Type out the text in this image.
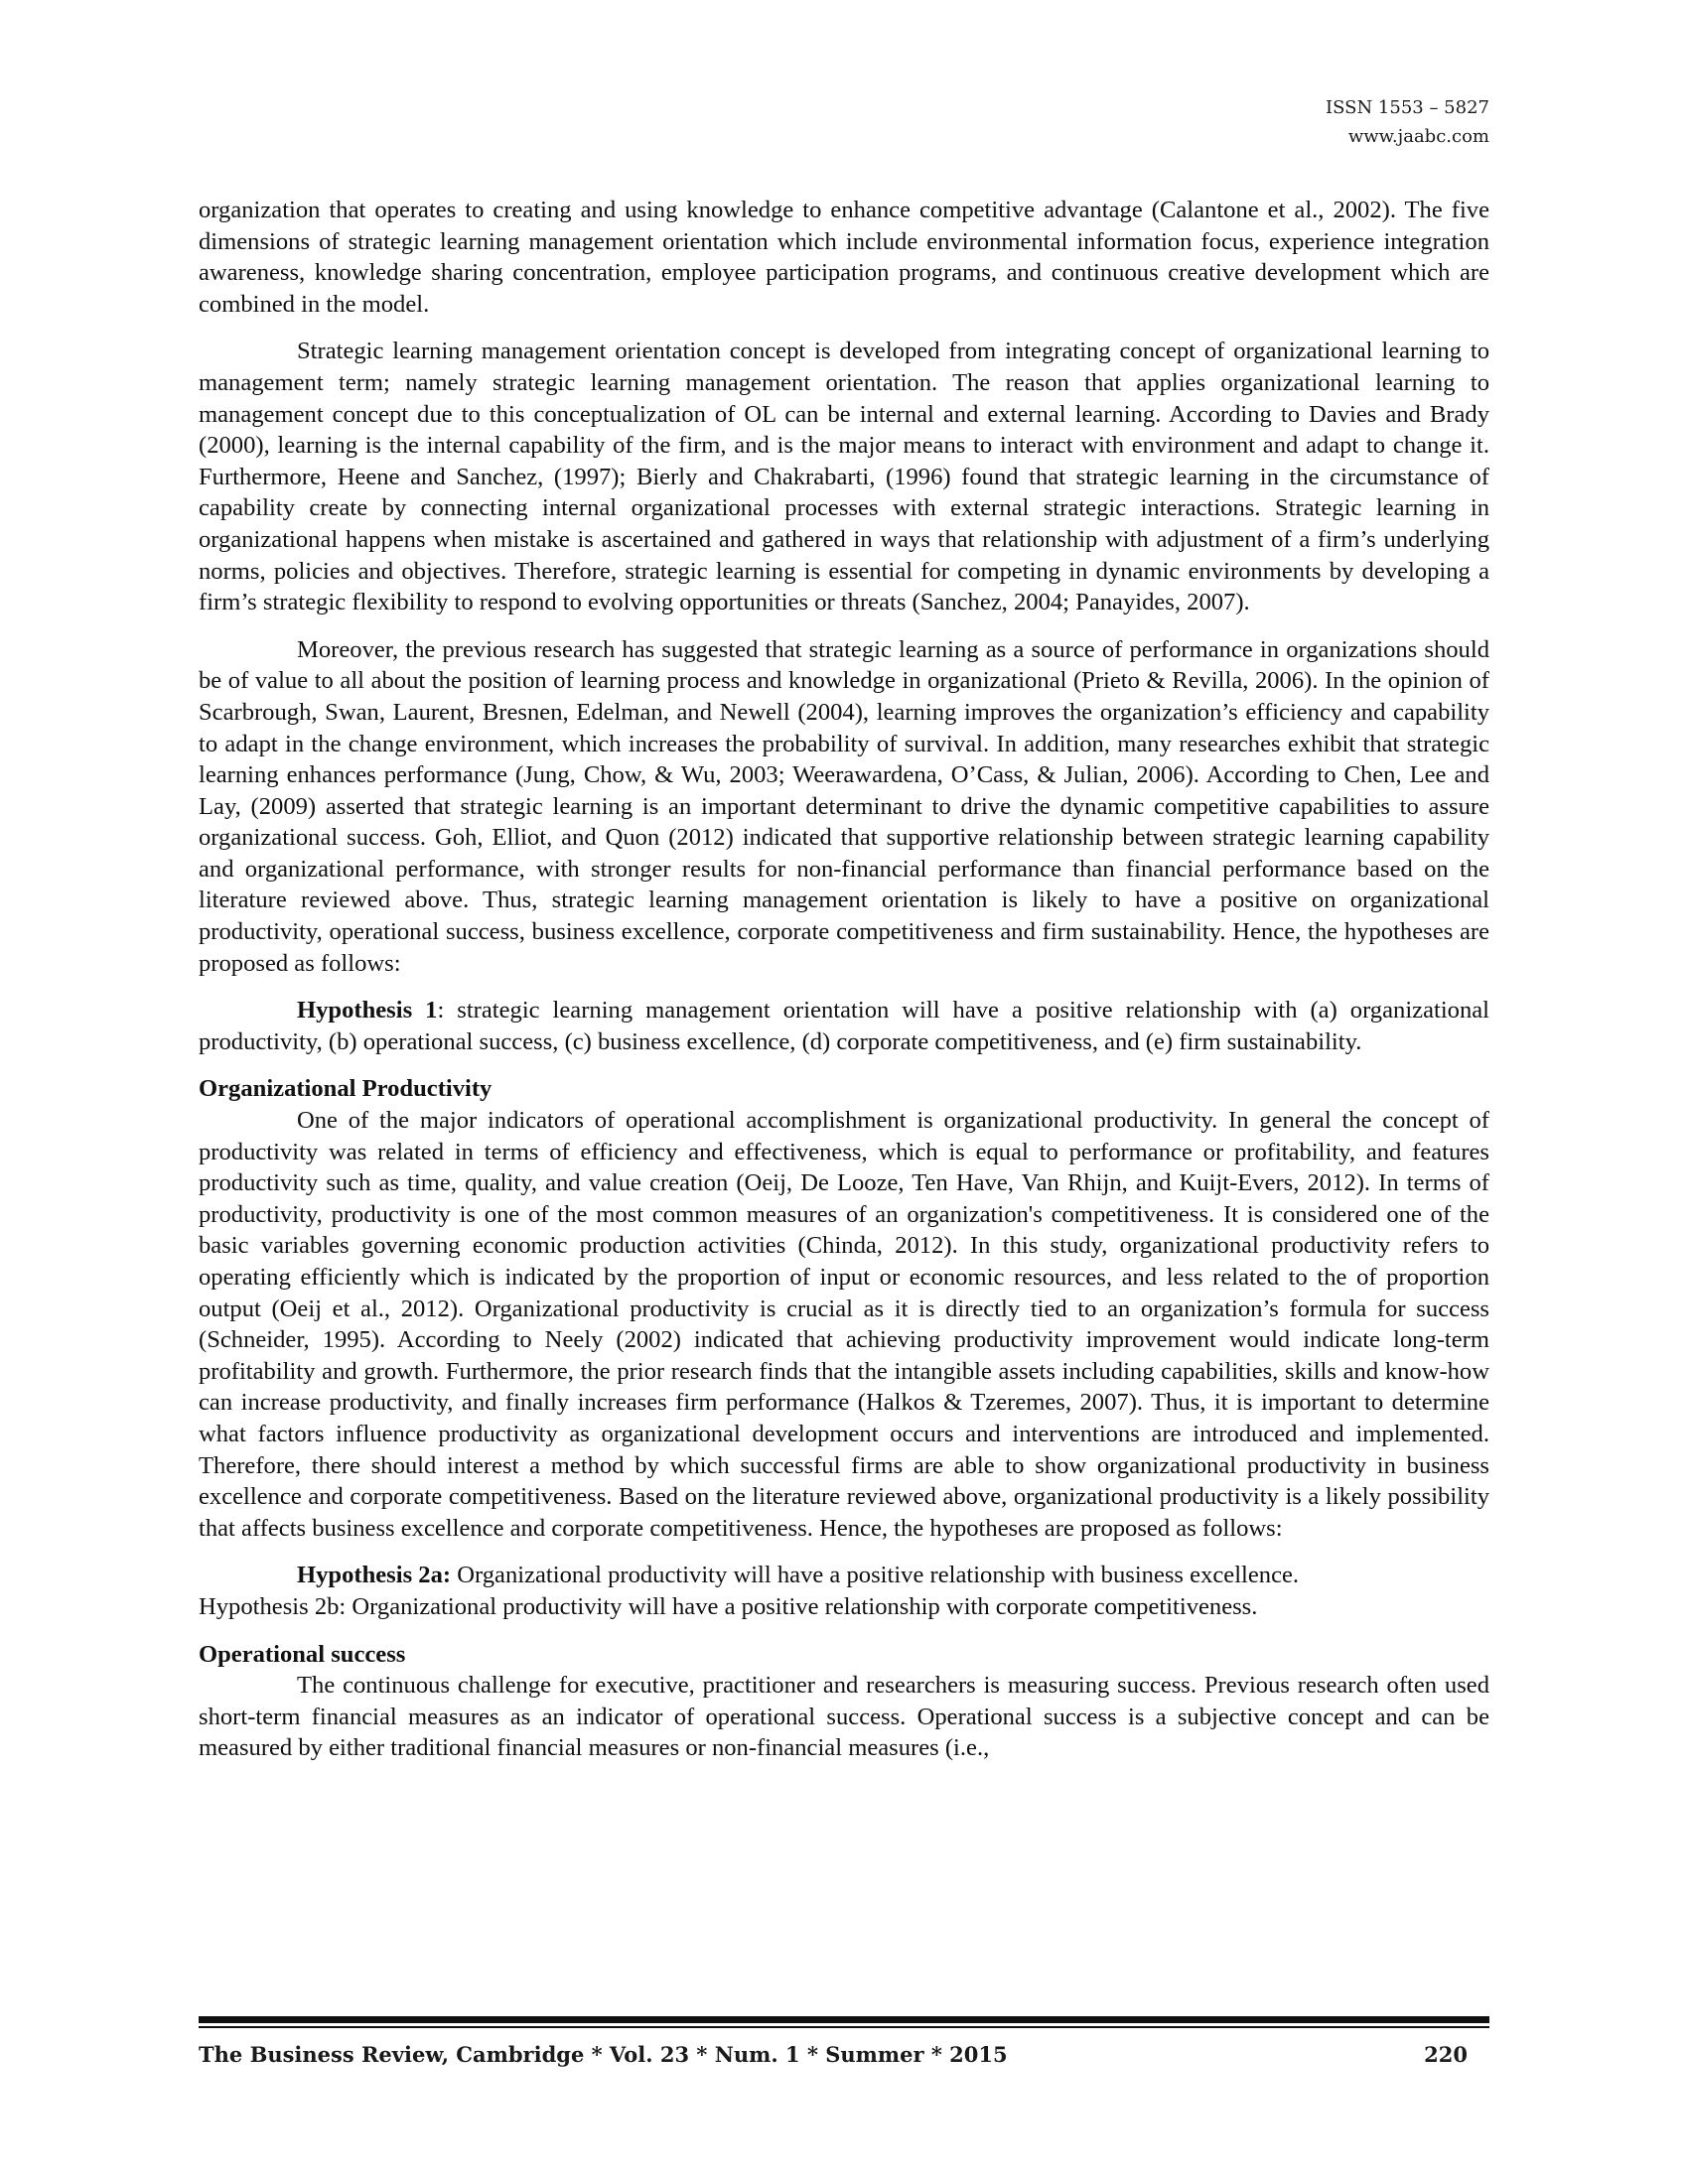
ISSN 1553 – 5827
www.jaabc.com

organization that operates to creating and using knowledge to enhance competitive advantage (Calantone et al., 2002). The five dimensions of strategic learning management orientation which include environmental information focus, experience integration awareness, knowledge sharing concentration, employee participation programs, and continuous creative development which are combined in the model.

Strategic learning management orientation concept is developed from integrating concept of organizational learning to management term; namely strategic learning management orientation. The reason that applies organizational learning to management concept due to this conceptualization of OL can be internal and external learning. According to Davies and Brady (2000), learning is the internal capability of the firm, and is the major means to interact with environment and adapt to change it. Furthermore, Heene and Sanchez, (1997); Bierly and Chakrabarti, (1996) found that strategic learning in the circumstance of capability create by connecting internal organizational processes with external strategic interactions. Strategic learning in organizational happens when mistake is ascertained and gathered in ways that relationship with adjustment of a firm’s underlying norms, policies and objectives. Therefore, strategic learning is essential for competing in dynamic environments by developing a firm’s strategic flexibility to respond to evolving opportunities or threats (Sanchez, 2004; Panayides, 2007).

Moreover, the previous research has suggested that strategic learning as a source of performance in organizations should be of value to all about the position of learning process and knowledge in organizational (Prieto & Revilla, 2006). In the opinion of Scarbrough, Swan, Laurent, Bresnen, Edelman, and Newell (2004), learning improves the organization’s efficiency and capability to adapt in the change environment, which increases the probability of survival. In addition, many researches exhibit that strategic learning enhances performance (Jung, Chow, & Wu, 2003; Weerawardena, O’Cass, & Julian, 2006). According to Chen, Lee and Lay, (2009) asserted that strategic learning is an important determinant to drive the dynamic competitive capabilities to assure organizational success. Goh, Elliot, and Quon (2012) indicated that supportive relationship between strategic learning capability and organizational performance, with stronger results for non-financial performance than financial performance based on the literature reviewed above. Thus, strategic learning management orientation is likely to have a positive on organizational productivity, operational success, business excellence, corporate competitiveness and firm sustainability. Hence, the hypotheses are proposed as follows:

Hypothesis 1: strategic learning management orientation will have a positive relationship with (a) organizational productivity, (b) operational success, (c) business excellence, (d) corporate competitiveness, and (e) firm sustainability.

Organizational Productivity

One of the major indicators of operational accomplishment is organizational productivity. In general the concept of productivity was related in terms of efficiency and effectiveness, which is equal to performance or profitability, and features productivity such as time, quality, and value creation (Oeij, De Looze, Ten Have, Van Rhijn, and Kuijt-Evers, 2012). In terms of productivity, productivity is one of the most common measures of an organization's competitiveness. It is considered one of the basic variables governing economic production activities (Chinda, 2012). In this study, organizational productivity refers to operating efficiently which is indicated by the proportion of input or economic resources, and less related to the of proportion output (Oeij et al., 2012). Organizational productivity is crucial as it is directly tied to an organization’s formula for success (Schneider, 1995). According to Neely (2002) indicated that achieving productivity improvement would indicate long-term profitability and growth. Furthermore, the prior research finds that the intangible assets including capabilities, skills and know-how can increase productivity, and finally increases firm performance (Halkos & Tzeremes, 2007). Thus, it is important to determine what factors influence productivity as organizational development occurs and interventions are introduced and implemented. Therefore, there should interest a method by which successful firms are able to show organizational productivity in business excellence and corporate competitiveness. Based on the literature reviewed above, organizational productivity is a likely possibility that affects business excellence and corporate competitiveness. Hence, the hypotheses are proposed as follows:

Hypothesis 2a: Organizational productivity will have a positive relationship with business excellence.

Hypothesis 2b: Organizational productivity will have a positive relationship with corporate competitiveness.

Operational success

The continuous challenge for executive, practitioner and researchers is measuring success. Previous research often used short-term financial measures as an indicator of operational success. Operational success is a subjective concept and can be measured by either traditional financial measures or non-financial measures (i.e.,

The Business Review, Cambridge * Vol. 23 * Num. 1 * Summer * 2015	220
